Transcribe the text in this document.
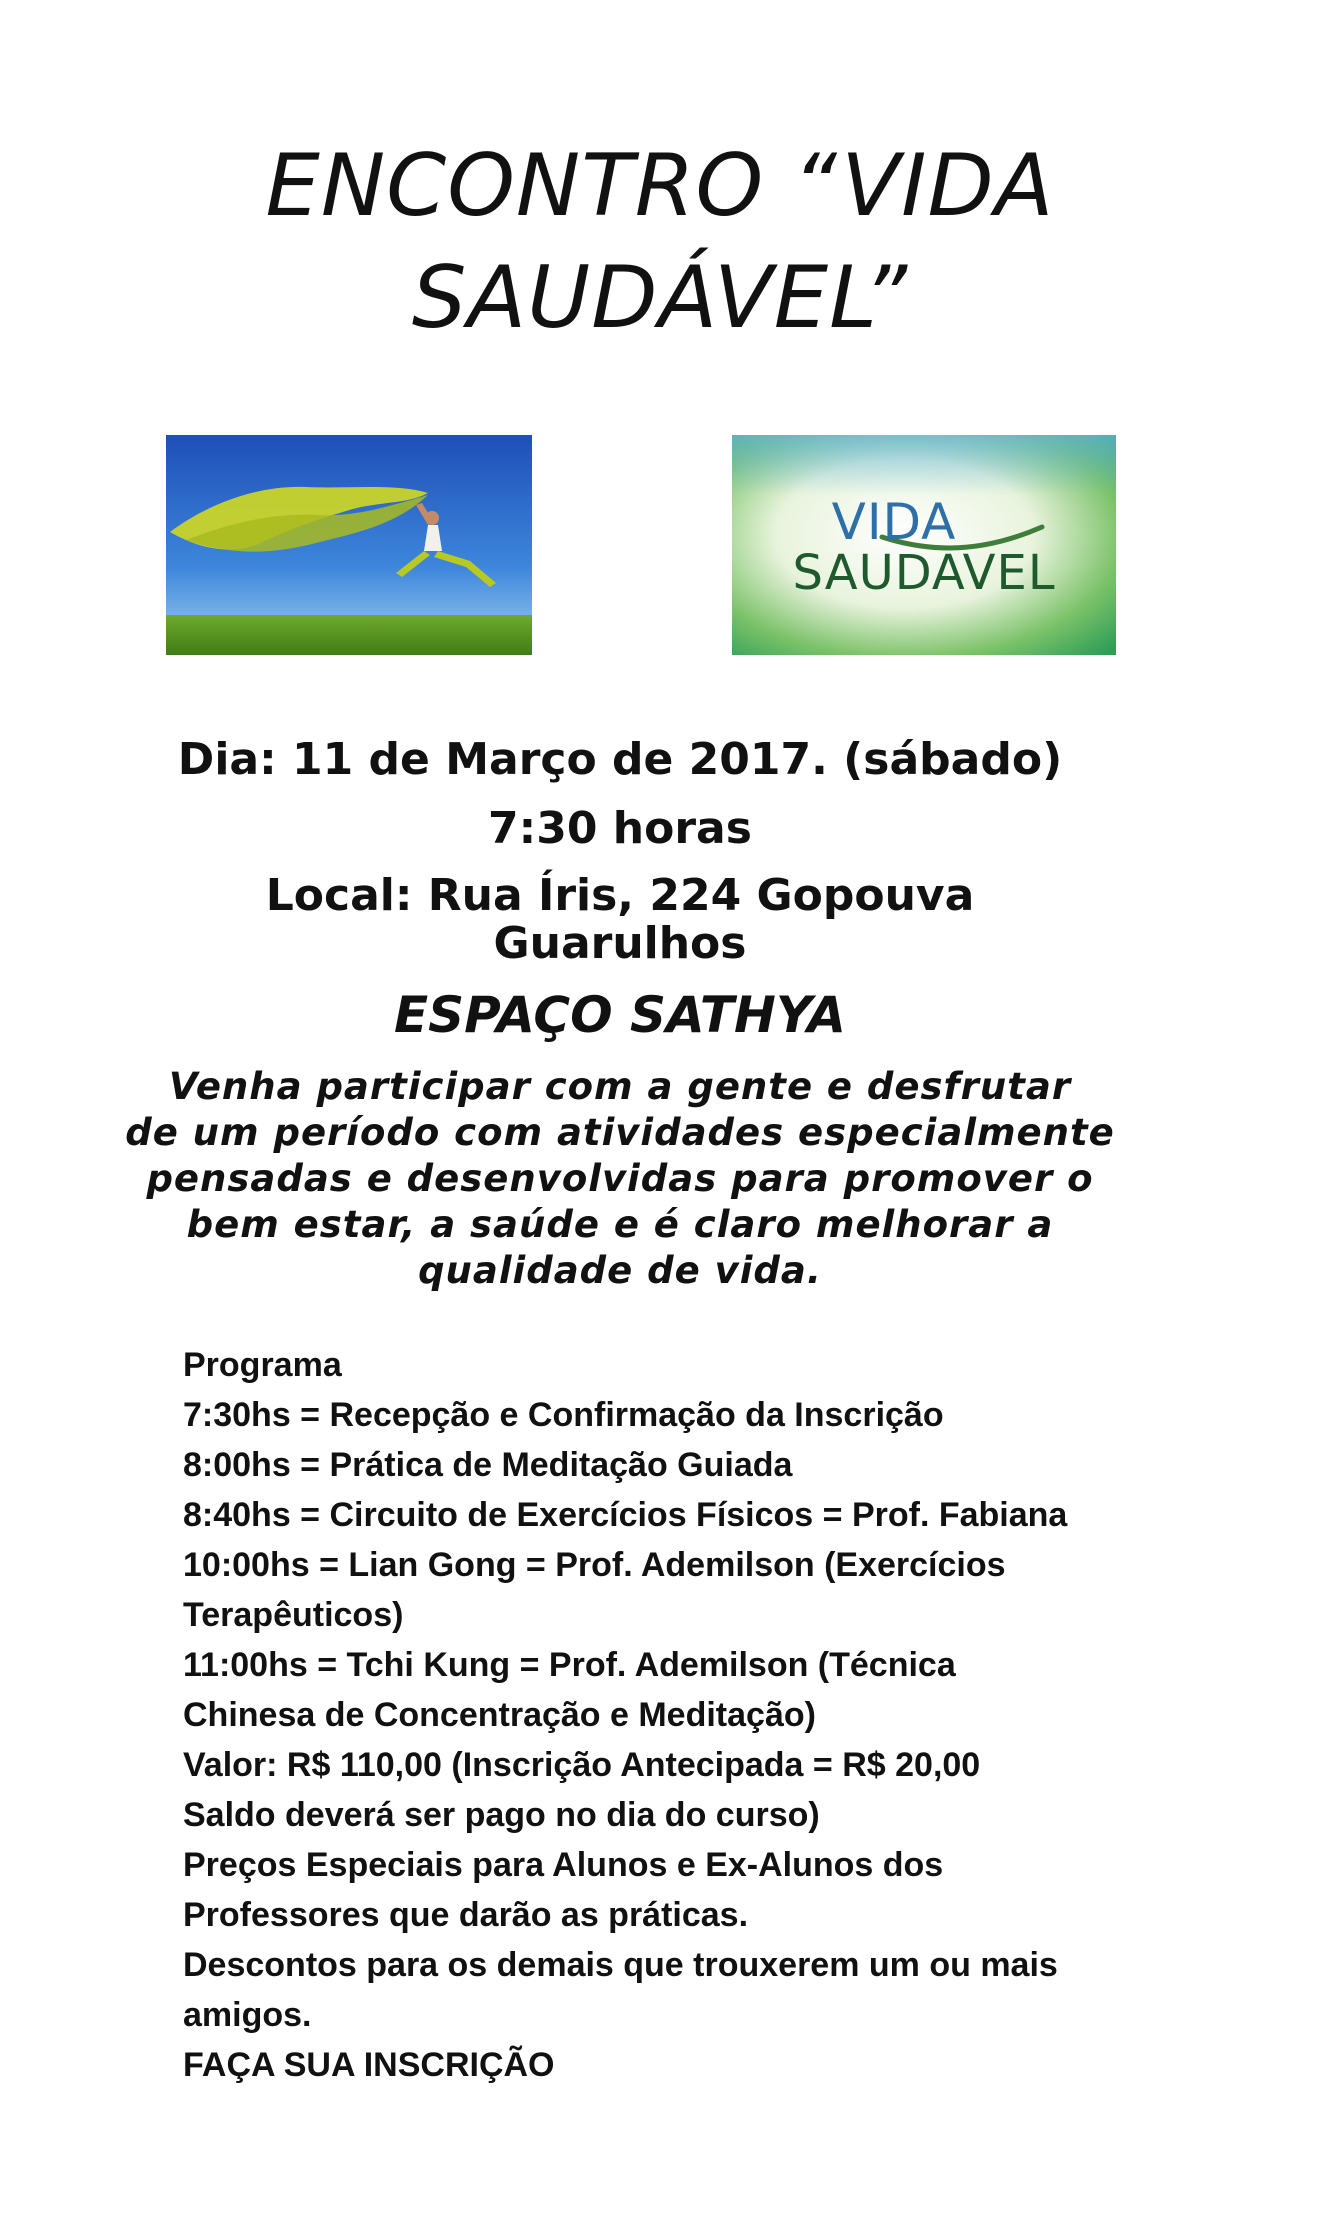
ENCONTRO “VIDA
SAUDÁVEL”
VIDA
SAUDAVEL
Dia: 11 de Março de 2017. (sábado)
7:30 horas
Local: Rua Íris, 224 Gopouva
Guarulhos
ESPAÇO SATHYA
Venha participar com a gente e desfrutar
de um período com atividades especialmente
pensadas e desenvolvidas para promover o
bem estar, a saúde e é claro melhorar a
qualidade de vida.
Programa
7:30hs = Recepção e Confirmação da Inscrição
8:00hs = Prática de Meditação Guiada
8:40hs = Circuito de Exercícios Físicos = Prof. Fabiana
10:00hs = Lian Gong = Prof. Ademilson (Exercícios
Terapêuticos)
11:00hs = Tchi Kung = Prof. Ademilson (Técnica
Chinesa de Concentração e Meditação)
Valor: R$ 110,00 (Inscrição Antecipada = R$ 20,00
Saldo deverá ser pago no dia do curso)
Preços Especiais para Alunos e Ex-Alunos dos
Professores que darão as práticas.
Descontos para os demais que trouxerem um ou mais
amigos.
FAÇA SUA INSCRIÇÃO
